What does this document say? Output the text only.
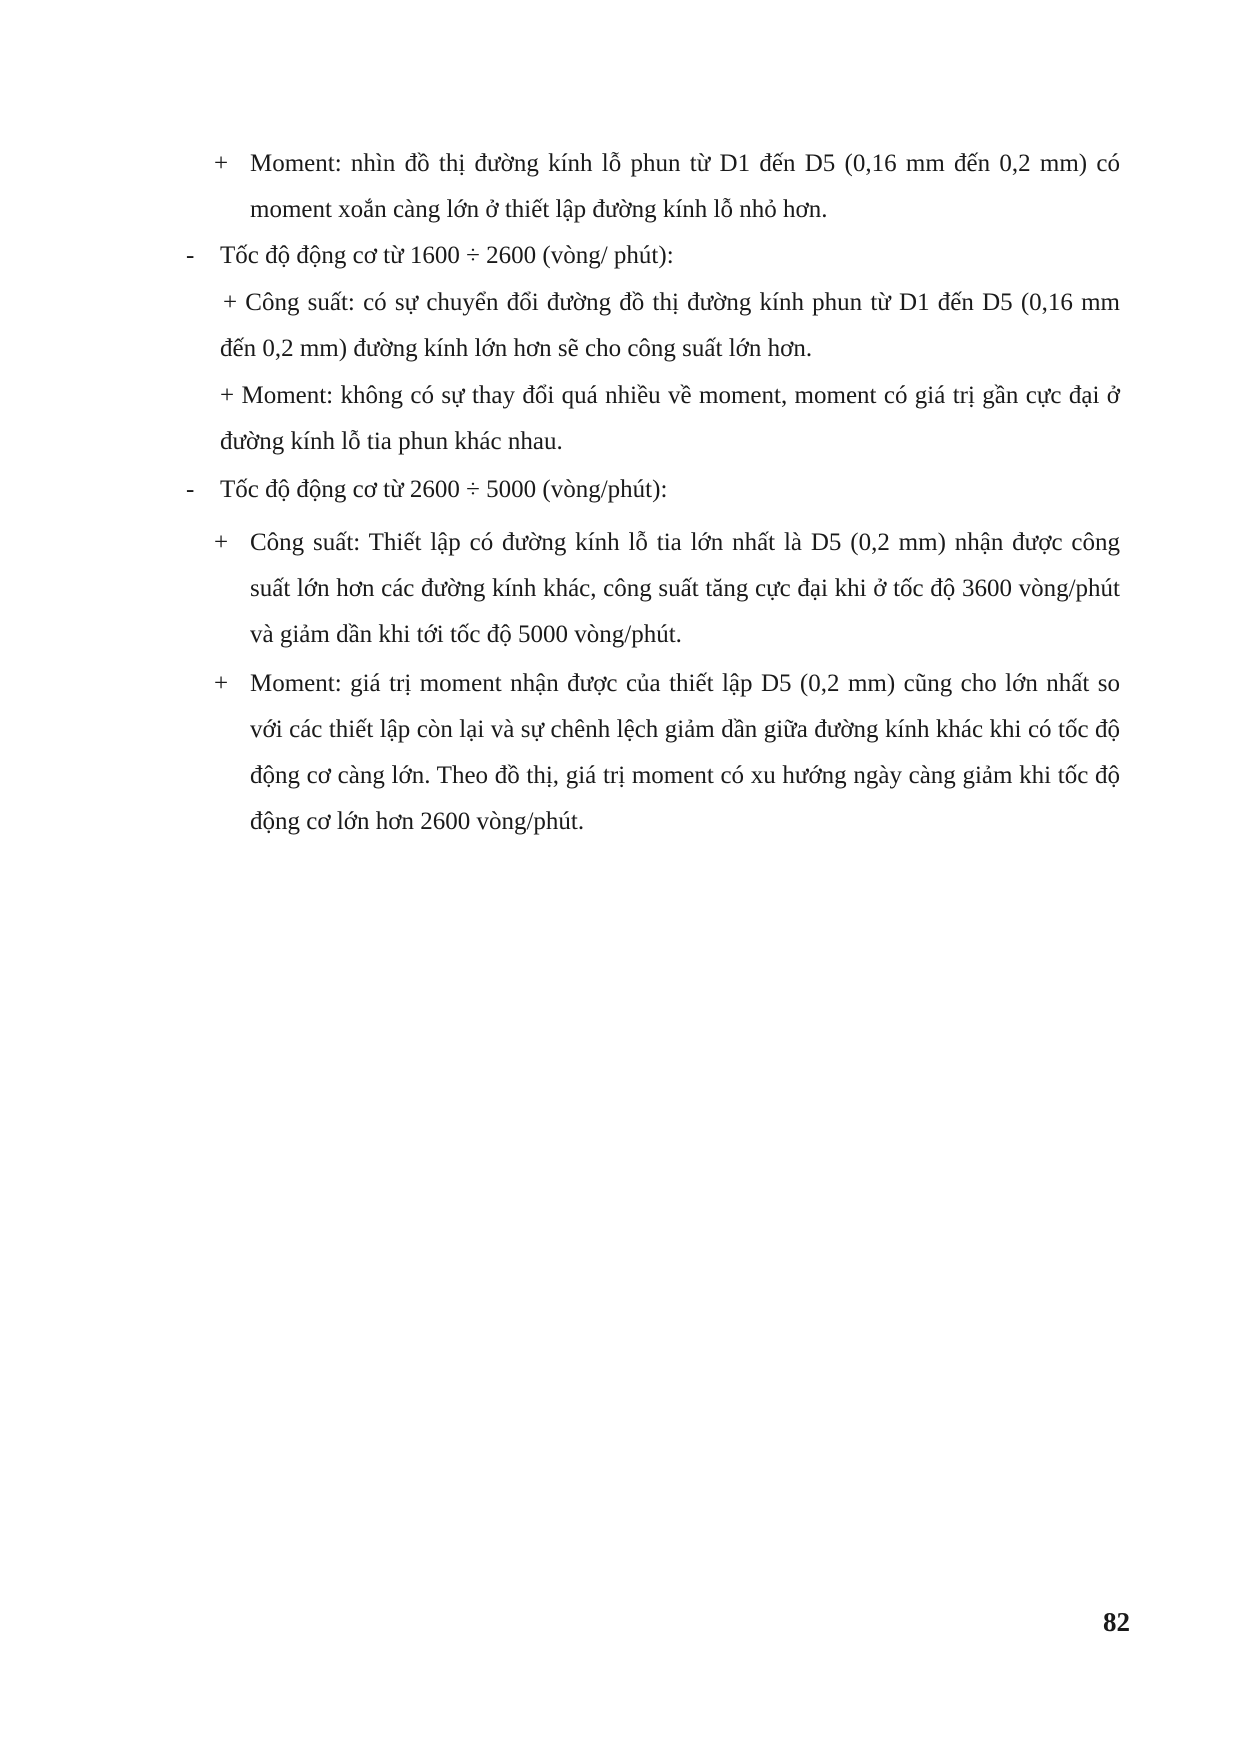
+ Moment: nhìn đồ thị đường kính lỗ phun từ D1 đến D5 (0,16 mm đến 0,2 mm) có moment xoắn càng lớn ở thiết lập đường kính lỗ nhỏ hơn.

- Tốc độ động cơ từ 1600 ÷ 2600 (vòng/ phút):

+ Công suất: có sự chuyển đổi đường đồ thị đường kính phun từ D1 đến D5 (0,16 mm đến 0,2 mm) đường kính lớn hơn sẽ cho công suất lớn hơn.

+ Moment: không có sự thay đổi quá nhiều về moment, moment có giá trị gần cực đại ở đường kính lỗ tia phun khác nhau.

- Tốc độ động cơ từ 2600 ÷ 5000 (vòng/phút):

+ Công suất: Thiết lập có đường kính lỗ tia lớn nhất là D5 (0,2 mm) nhận được công suất lớn hơn các đường kính khác, công suất tăng cực đại khi ở tốc độ 3600 vòng/phút và giảm dần khi tới tốc độ 5000 vòng/phút.

+ Moment: giá trị moment nhận được của thiết lập D5 (0,2 mm) cũng cho lớn nhất so với các thiết lập còn lại và sự chênh lệch giảm dần giữa đường kính khác khi có tốc độ động cơ càng lớn. Theo đồ thị, giá trị moment có xu hướng ngày càng giảm khi tốc độ động cơ lớn hơn 2600 vòng/phút.

82
